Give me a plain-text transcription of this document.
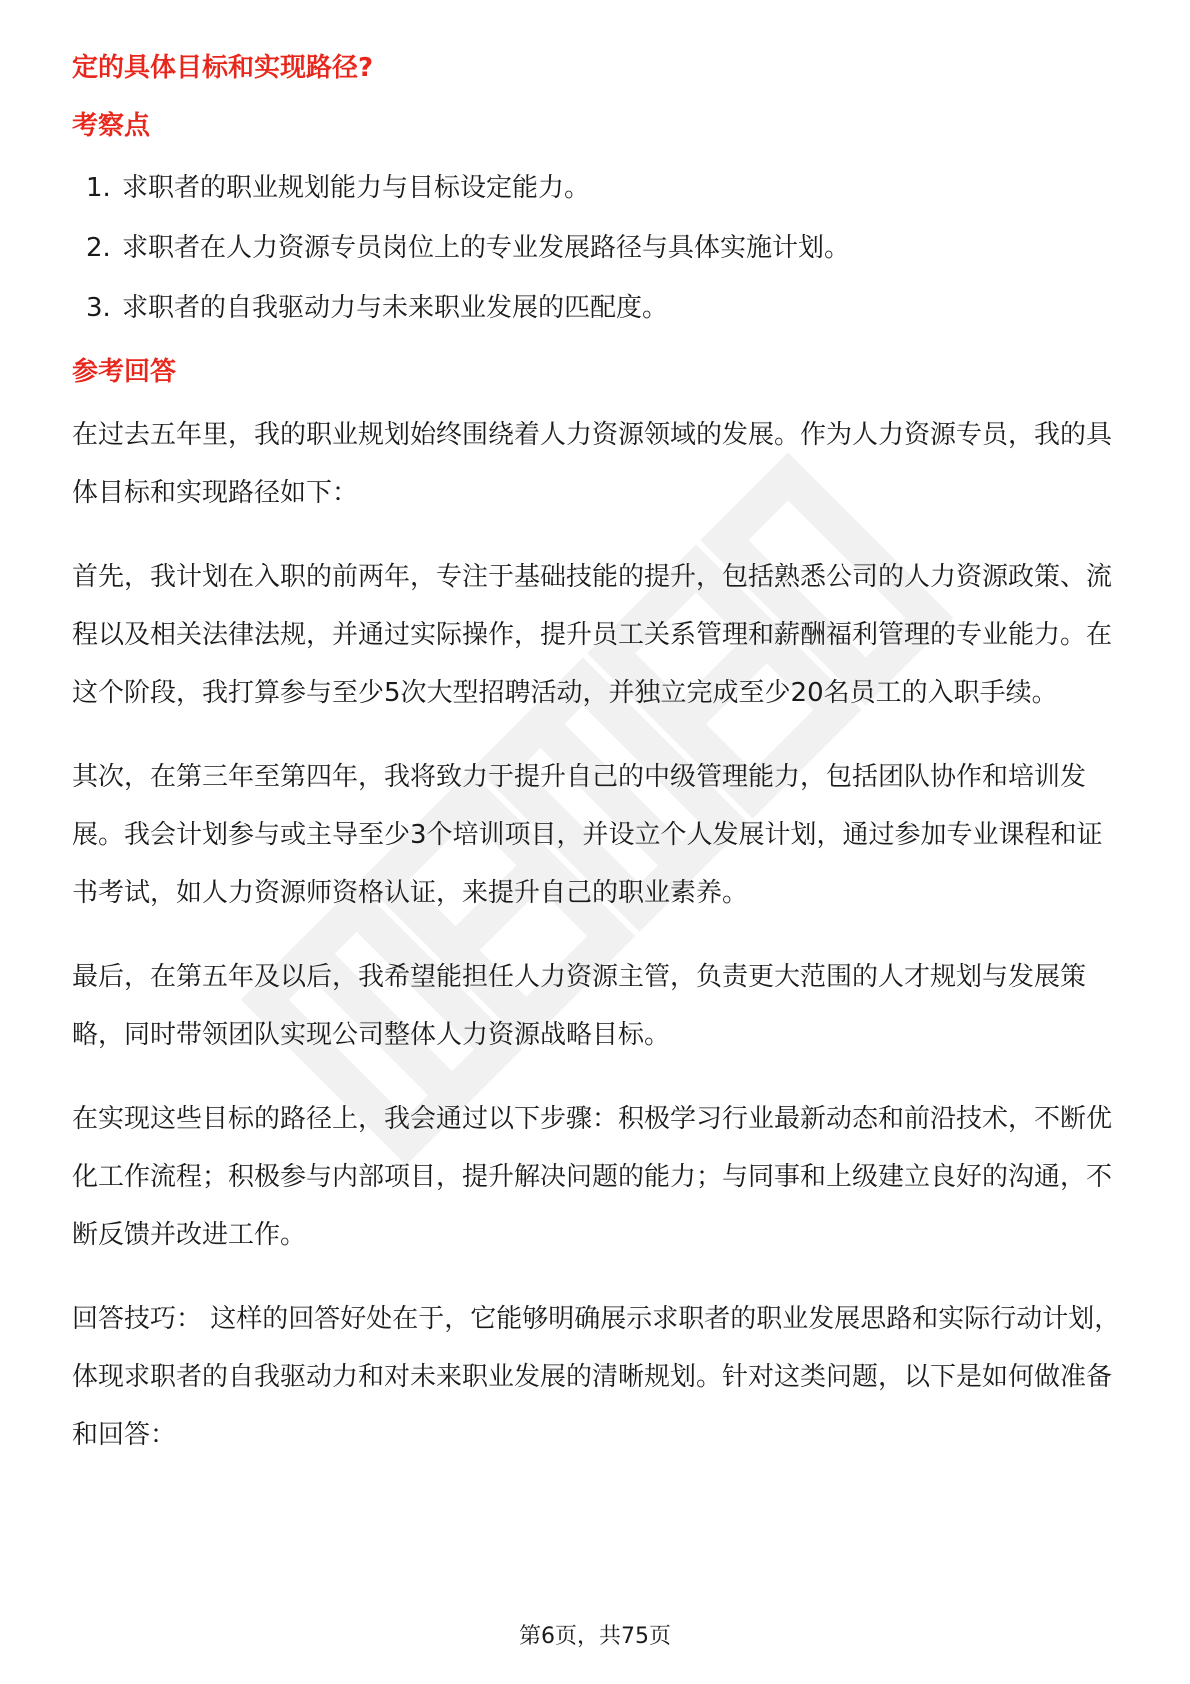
定的具体目标和实现路径?
考察点
1. 求职者的职业规划能力与目标设定能力。
2. 求职者在人力资源专员岗位上的专业发展路径与具体实施计划。
3. 求职者的自我驱动力与未来职业发展的匹配度。
参考回答

在过去五年里，我的职业规划始终围绕着人力资源领域的发展。作为人力资源专员，我的具体目标和实现路径如下：

首先，我计划在入职的前两年，专注于基础技能的提升，包括熟悉公司的人力资源政策、流程以及相关法律法规，并通过实际操作，提升员工关系管理和薪酬福利管理的专业能力。在这个阶段，我打算参与至少5次大型招聘活动，并独立完成至少20名员工的入职手续。

其次，在第三年至第四年，我将致力于提升自己的中级管理能力，包括团队协作和培训发展。我会计划参与或主导至少3个培训项目，并设立个人发展计划，通过参加专业课程和证书考试，如人力资源师资格认证，来提升自己的职业素养。

最后，在第五年及以后，我希望能担任人力资源主管，负责更大范围的人才规划与发展策略，同时带领团队实现公司整体人力资源战略目标。

在实现这些目标的路径上，我会通过以下步骤：积极学习行业最新动态和前沿技术，不断优化工作流程；积极参与内部项目，提升解决问题的能力；与同事和上级建立良好的沟通，不断反馈并改进工作。

回答技巧： 这样的回答好处在于，它能够明确展示求职者的职业发展思路和实际行动计划，体现求职者的自我驱动力和对未来职业发展的清晰规划。针对这类问题，以下是如何做准备和回答：

第6页，共75页
